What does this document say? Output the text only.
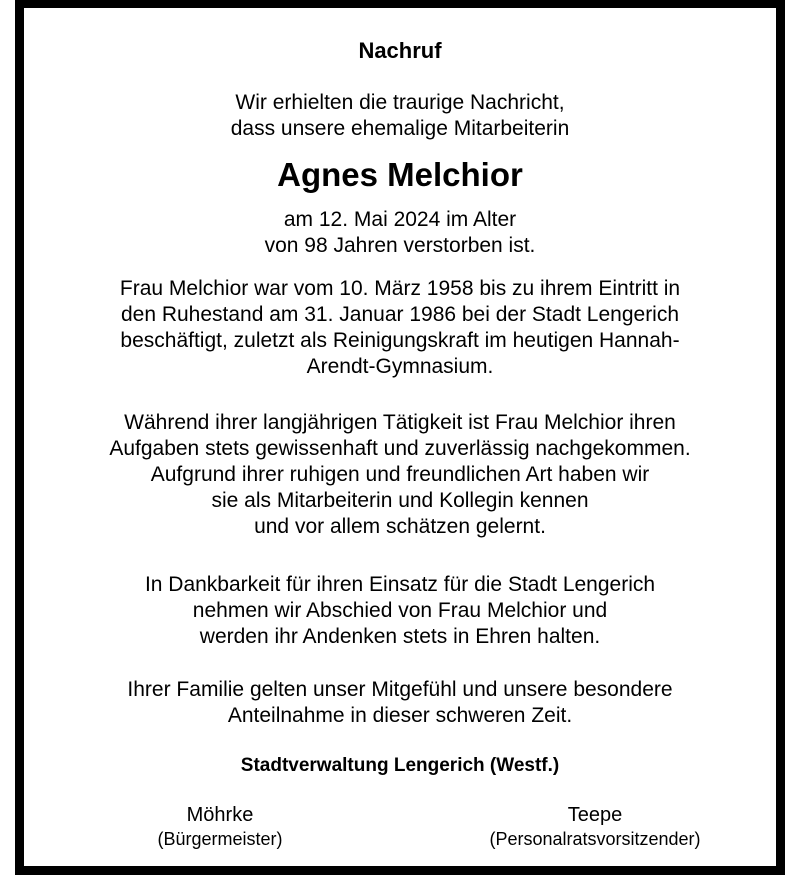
Nachruf
Wir erhielten die traurige Nachricht,
dass unsere ehemalige Mitarbeiterin
Agnes Melchior
am 12. Mai 2024 im Alter
von 98 Jahren verstorben ist.
Frau Melchior war vom 10. März 1958 bis zu ihrem Eintritt in
den Ruhestand am 31. Januar 1986 bei der Stadt Lengerich
beschäftigt, zuletzt als Reinigungskraft im heutigen Hannah-
Arendt-Gymnasium.
Während ihrer langjährigen Tätigkeit ist Frau Melchior ihren
Aufgaben stets gewissenhaft und zuverlässig nachgekommen.
Aufgrund ihrer ruhigen und freundlichen Art haben wir
sie als Mitarbeiterin und Kollegin kennen
und vor allem schätzen gelernt.
In Dankbarkeit für ihren Einsatz für die Stadt Lengerich
nehmen wir Abschied von Frau Melchior und
werden ihr Andenken stets in Ehren halten.
Ihrer Familie gelten unser Mitgefühl und unsere besondere
Anteilnahme in dieser schweren Zeit.
Stadtverwaltung Lengerich (Westf.)
Möhrke
(Bürgermeister)
Teepe
(Personalratsvorsitzender)
